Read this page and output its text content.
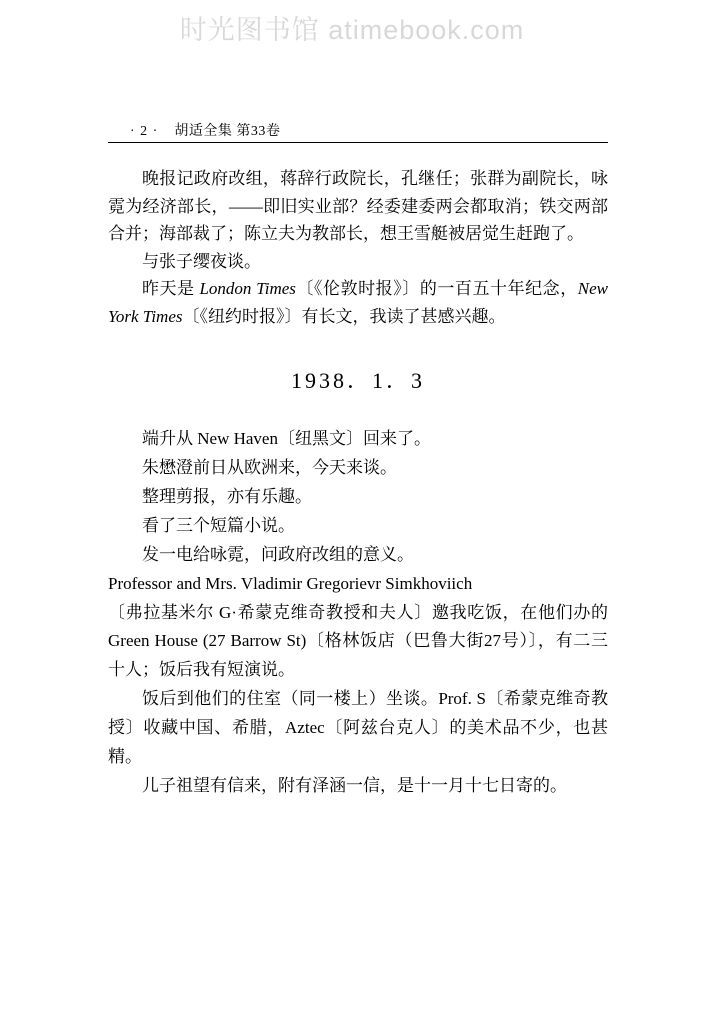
时光图书馆 atimebook.com
· 2 · 胡适全集 第33卷

晚报记政府改组，蒋辞行政院长，孔继任；张群为副院长，咏霓为经济部长，——即旧实业部？经委建委两会都取消；铁交两部合并；海部裁了；陈立夫为教部长，想王雪艇被居觉生赶跑了。

与张子缨夜谈。

昨天是 London Times〔《伦敦时报》〕的一百五十年纪念，New York Times〔《纽约时报》〕有长文，我读了甚感兴趣。

1938．1．3

端升从 New Haven〔纽黑文〕回来了。

朱懋澄前日从欧洲来，今天来谈。

整理剪报，亦有乐趣。

看了三个短篇小说。

发一电给咏霓，问政府改组的意义。

Professor and Mrs. Vladimir Gregorievr Simkhoviich

〔弗拉基米尔 G·希蒙克维奇教授和夫人〕邀我吃饭，在他们办的 Green House (27 Barrow St)〔格林饭店（巴鲁大街27号）〕，有二三十人；饭后我有短演说。

饭后到他们的住室（同一楼上）坐谈。Prof. S〔希蒙克维奇教授〕收藏中国、希腊，Aztec〔阿兹台克人〕的美术品不少，也甚精。

儿子祖望有信来，附有泽涵一信，是十一月十七日寄的。
